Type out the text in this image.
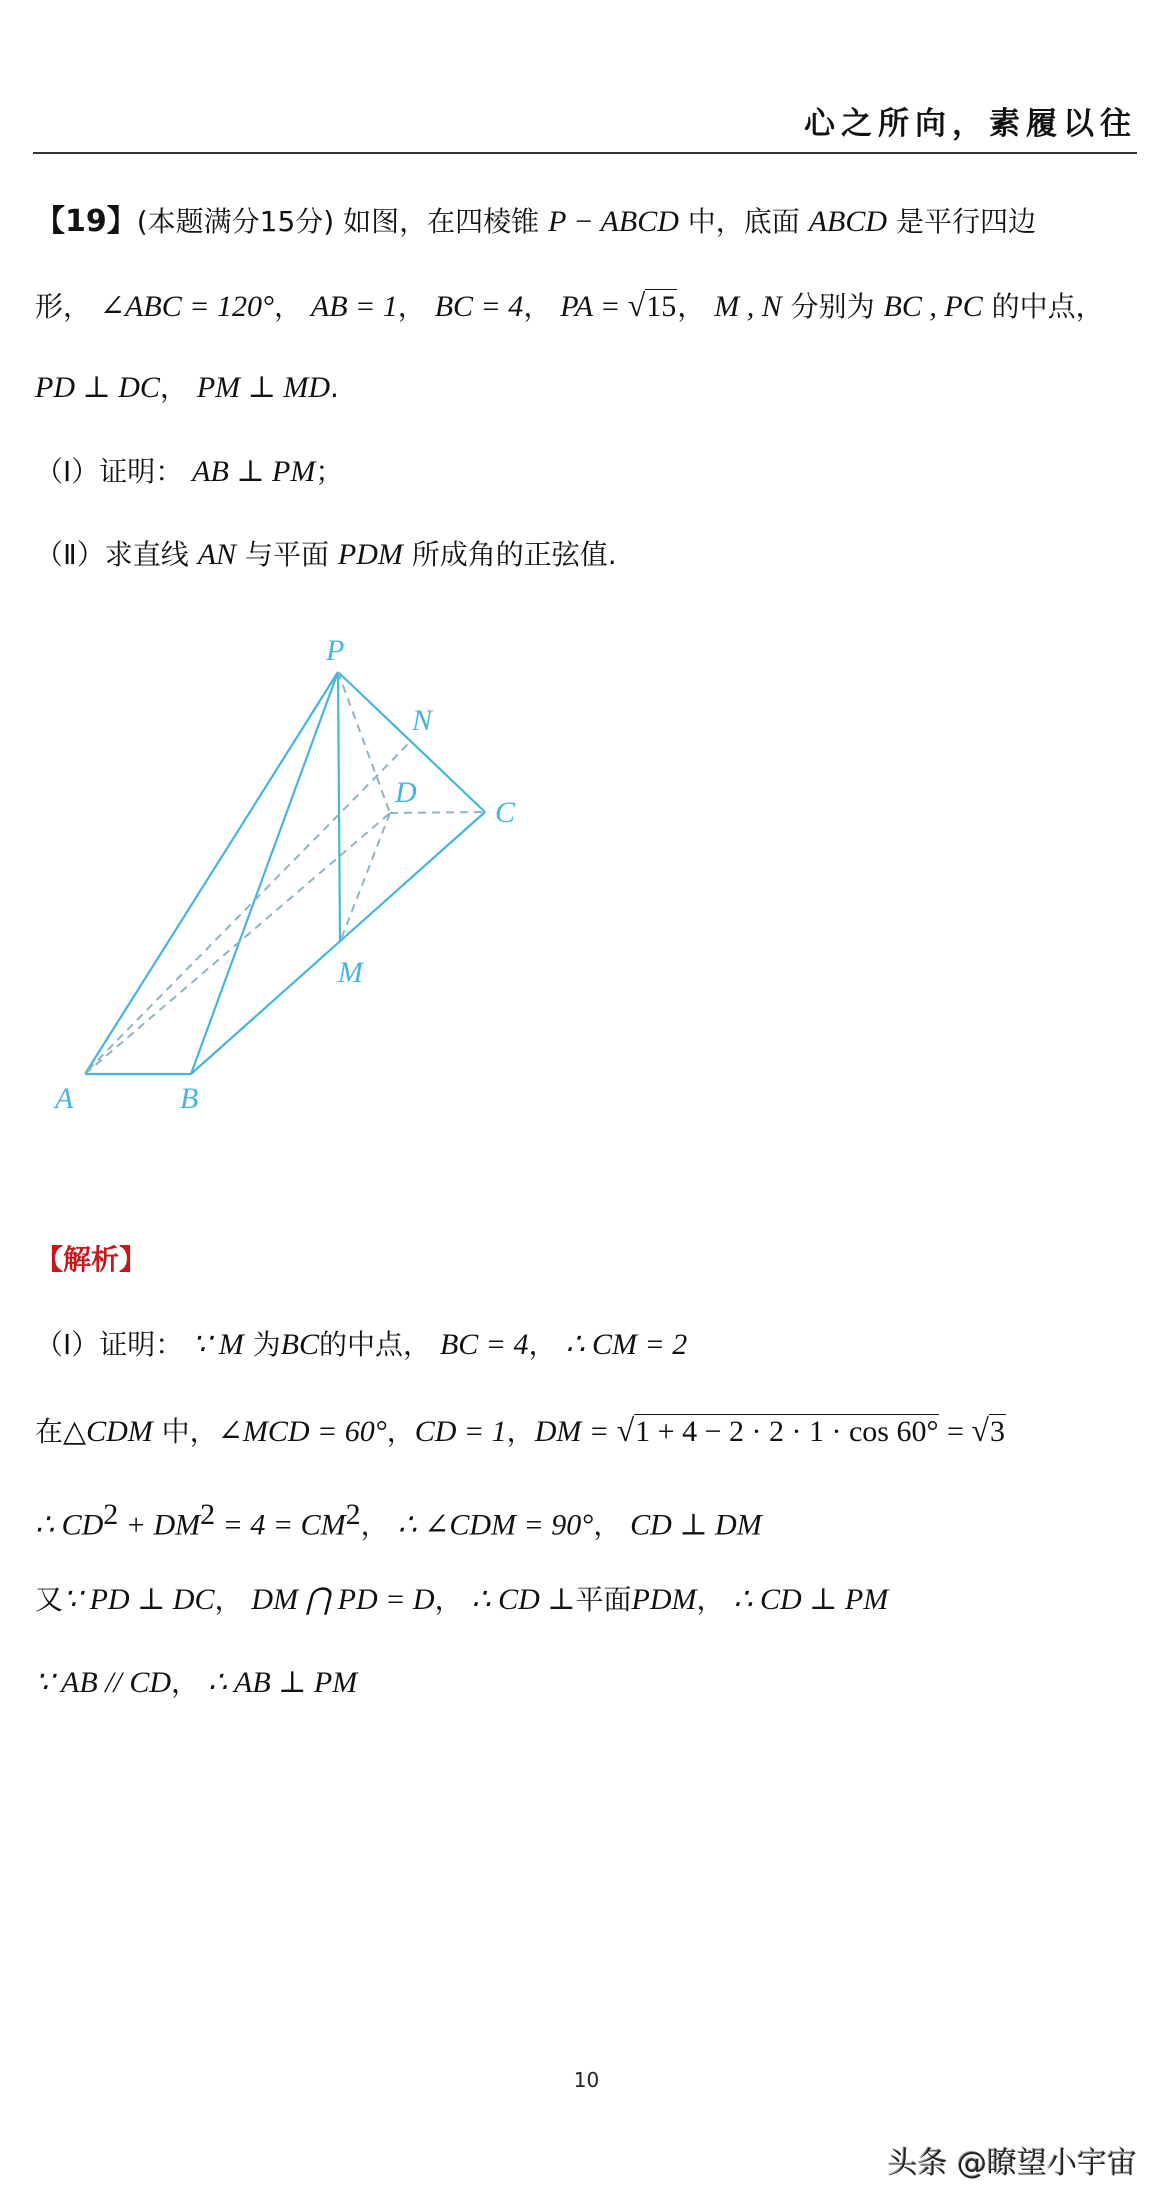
心之所向，素履以往
【19】(本题满分15分) 如图，在四棱锥 P − ABCD 中，底面 ABCD 是平行四边
形， ∠ABC = 120°， AB = 1， BC = 4， PA = √15， M , N 分别为 BC , PC 的中点，
PD ⊥ DC， PM ⊥ MD.
（Ⅰ）证明： AB ⊥ PM；
（Ⅱ）求直线 AN 与平面 PDM 所成角的正弦值.
P
N
D
C
M
A	B
【解析】
（Ⅰ）证明： ∵ M 为BC的中点， BC = 4， ∴ CM = 2
在△CDM 中，∠MCD = 60°，CD = 1，DM = √1 + 4 − 2 · 2 · 1 · cos 60° = √3
∴ $CD^2 + DM^2 = 4 = CM^2$， ∴ ∠CDM = 90°， CD ⊥ DM
又∵ PD ⊥ DC， DM ⋂ PD = D， ∴ CD ⊥平面PDM， ∴ CD ⊥ PM
∵ AB // CD， ∴ AB ⊥ PM
10
头条 @瞭望小宇宙
